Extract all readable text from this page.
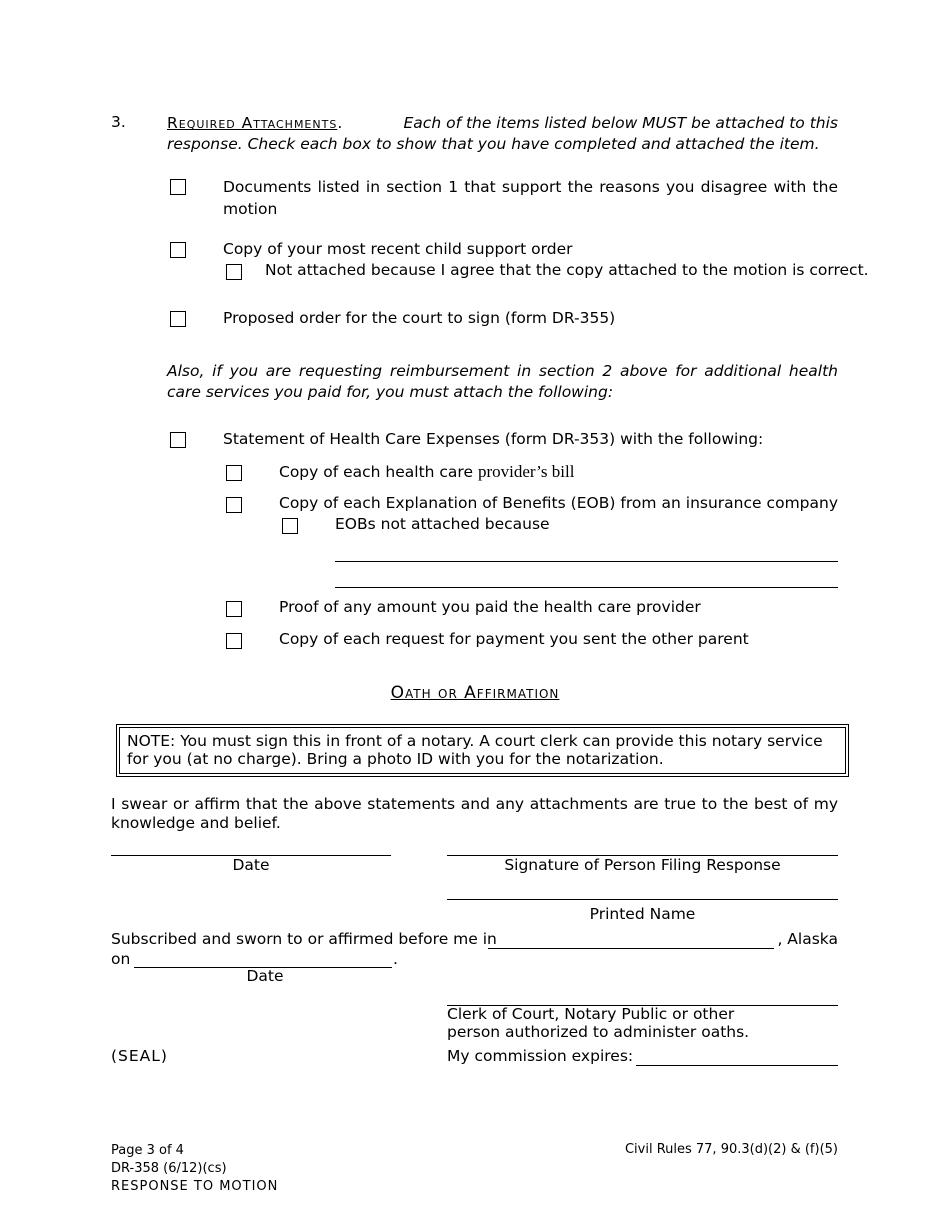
3.	Required Attachments.	Each of the items listed below MUST be attached to this
response. Check each box to show that you have completed and attached the item.
Documents listed in section 1 that support the reasons you disagree with the motion
Copy of your most recent child support order
Not attached because I agree that the copy attached to the motion is correct.
Proposed order for the court to sign (form DR-355)
Also, if you are requesting reimbursement in section 2 above for additional health care services you paid for, you must attach the following:
Statement of Health Care Expenses (form DR-353) with the following:
Copy of each health care provider’s bill
Copy of each Explanation of Benefits (EOB) from an insurance company
EOBs not attached because
Proof of any amount you paid the health care provider
Copy of each request for payment you sent the other parent
Oath or Affirmation
NOTE: You must sign this in front of a notary. A court clerk can provide this notary service for you (at no charge). Bring a photo ID with you for the notarization.
I swear or affirm that the above statements and any attachments are true to the best of my knowledge and belief.
Date	Signature of Person Filing Response
Printed Name
Subscribed and sworn to or affirmed before me in	, Alaska
on	.
Date
Clerk of Court, Notary Public or other
person authorized to administer oaths.
(SEAL)	My commission expires:
Page 3 of 4
DR-358 (6/12)(cs)
RESPONSE TO MOTION
Civil Rules 77, 90.3(d)(2) & (f)(5)
